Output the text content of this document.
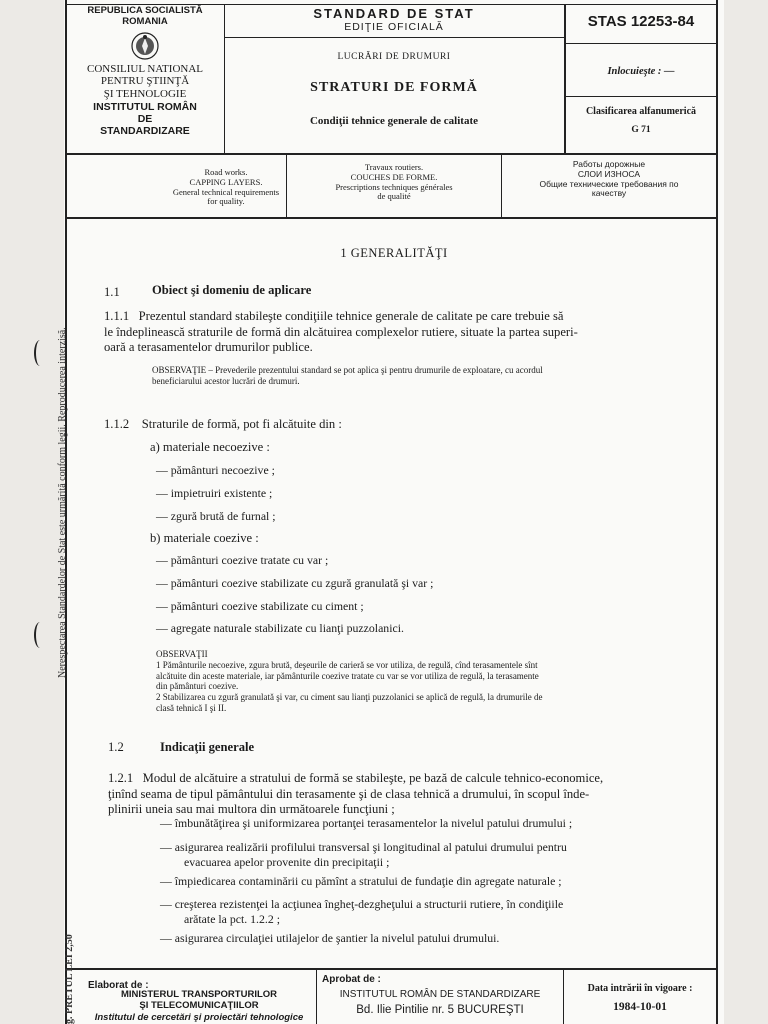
REPUBLICA SOCIALISTĂ
ROMANIA
CONSILIUL NATIONAL
PENTRU ŞTIINŢĂ
ŞI TEHNOLOGIE
INSTITUTUL ROMÂN
DE
STANDARDIZARE
STANDARD DE STAT
EDIŢIE OFICIALĂ
LUCRĂRI DE DRUMURI
STRATURI DE FORMĂ
Condiţii tehnice generale de calitate
STAS 12253-84
Inlocuieşte : —
Clasificarea alfanumerică
G 71
Road works.
CAPPING LAYERS.
General technical requirements
for quality.
Travaux routiers.
COUCHES DE FORME.
Prescriptions techniques générales
de qualité
Работы дорожные
СЛОИ ИЗНОСА
Общие технические требования по
качеству
1 GENERALITĂŢI
1.1	Obiect şi domeniu de aplicare

1.1.1 Prezentul standard stabileşte condiţiile tehnice generale de calitate pe care trebuie să

le îndeplinească straturile de formă din alcătuirea complexelor rutiere, situate la partea superi-

oară a terasamentelor drumurilor publice.

OBSERVAŢIE – Prevederile prezentului standard se pot aplica şi pentru drumurile de exploatare, cu acordul

beneficiarului acestor lucrări de drumuri.

1.1.2 Straturile de formă, pot fi alcătuite din :
a) materiale necoezive :
— pământuri necoezive ;
— impietruiri existente ;
— zgură brută de furnal ;
b) materiale coezive :
— pământuri coezive tratate cu var ;
— pământuri coezive stabilizate cu zgură granulată şi var ;
— pământuri coezive stabilizate cu ciment ;
— agregate naturale stabilizate cu lianţi puzzolanici.

OBSERVAŢII

1 Pământurile necoezive, zgura brută, deşeurile de carieră se vor utiliza, de regulă, cînd terasamentele sînt

alcătuite din aceste materiale, iar pământurile coezive tratate cu var se vor utiliza de regulă, la terasamente

din pământuri coezive.

2 Stabilizarea cu zgură granulată şi var, cu ciment sau lianţi puzzolanici se aplică de regulă, la drumurile de

clasă tehnică I şi II.

1.2	Indicaţii generale

1.2.1 Modul de alcătuire a stratului de formă se stabileşte, pe bază de calcule tehnico-economice,

ţinînd seama de tipul pământului din terasamente şi de clasa tehnică a drumului, în scopul înde-

plinirii uneia sau mai multora din următoarele funcţiuni ;

— îmbunătăţirea şi uniformizarea portanţei terasamentelor la nivelul patului drumului ;

— asigurarea realizării profilului transversal şi longitudinal al patului drumului pentru

evacuarea apelor provenite din precipitaţii ;

— împiedicarea contaminării cu pămînt a stratului de fundaţie din agregate naturale ;

— creşterea rezistenţei la acţiunea îngheţ-dezgheţului a structurii rutiere, în condiţiile

arătate la pct. 1.2.2 ;

— asigurarea circulaţiei utilajelor de şantier la nivelul patului drumului.
Elaborat de :
MINISTERUL TRANSPORTURILOR
ŞI TELECOMUNICAŢIILOR
Institutul de cercetări şi proiectări tehnologice
Aprobat de :
INSTITUTUL ROMÂN DE STANDARDIZARE
Bd. Ilie Pintilie nr. 5 BUCUREŞTI
Data intrării în vigoare :
1984-10-01
Nerespectarea Standardelor de Stat este urmărită conform legii. Reproducerea interzisă.
g. PRETUL LEI 2,50
